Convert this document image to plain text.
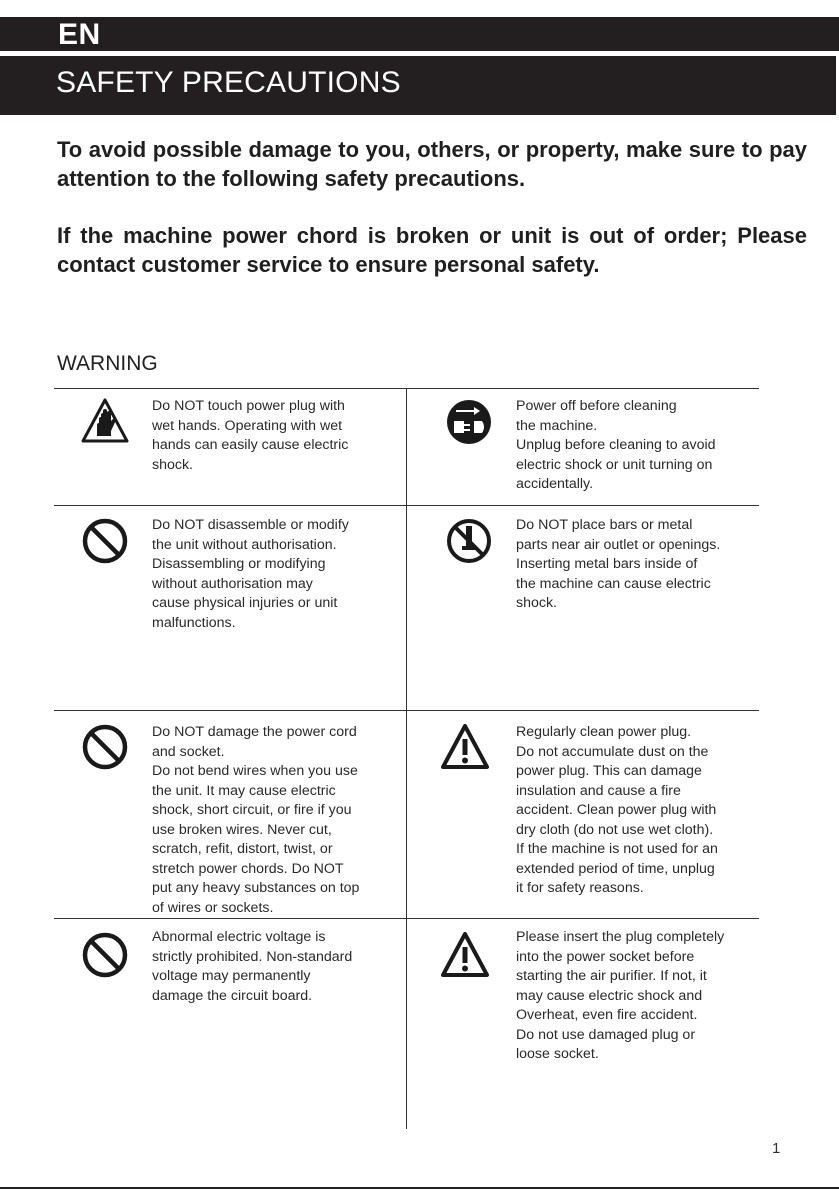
EN
SAFETY PRECAUTIONS

To avoid possible damage to you, others, or property, make sure to pay attention to the following safety precautions.

If the machine power chord is broken or unit is out of order; Please contact customer service to ensure personal safety.

WARNING
Do NOT touch power plug with
wet hands. Operating with wet
hands can easily cause electric
shock.
Power off before cleaning
the machine.
Unplug before cleaning to avoid
electric shock or unit turning on
accidentally.
Do NOT disassemble or modify
the unit without authorisation.
Disassembling or modifying
without authorisation may
cause physical injuries or unit
malfunctions.
Do NOT place bars or metal
parts near air outlet or openings.
Inserting metal bars inside of
the machine can cause electric
shock.
Do NOT damage the power cord
and socket.
Do not bend wires when you use
the unit. It may cause electric
shock, short circuit, or fire if you
use broken wires. Never cut,
scratch, refit, distort, twist, or
stretch power chords. Do NOT
put any heavy substances on top
of wires or sockets.
Regularly clean power plug.
Do not accumulate dust on the
power plug. This can damage
insulation and cause a fire
accident. Clean power plug with
dry cloth (do not use wet cloth).
If the machine is not used for an
extended period of time, unplug
it for safety reasons.
Abnormal electric voltage is
strictly prohibited. Non-standard
voltage may permanently
damage the circuit board.
Please insert the plug completely
into the power socket before
starting the air purifier. If not, it
may cause electric shock and
Overheat, even fire accident.
Do not use damaged plug or
loose socket.
1
